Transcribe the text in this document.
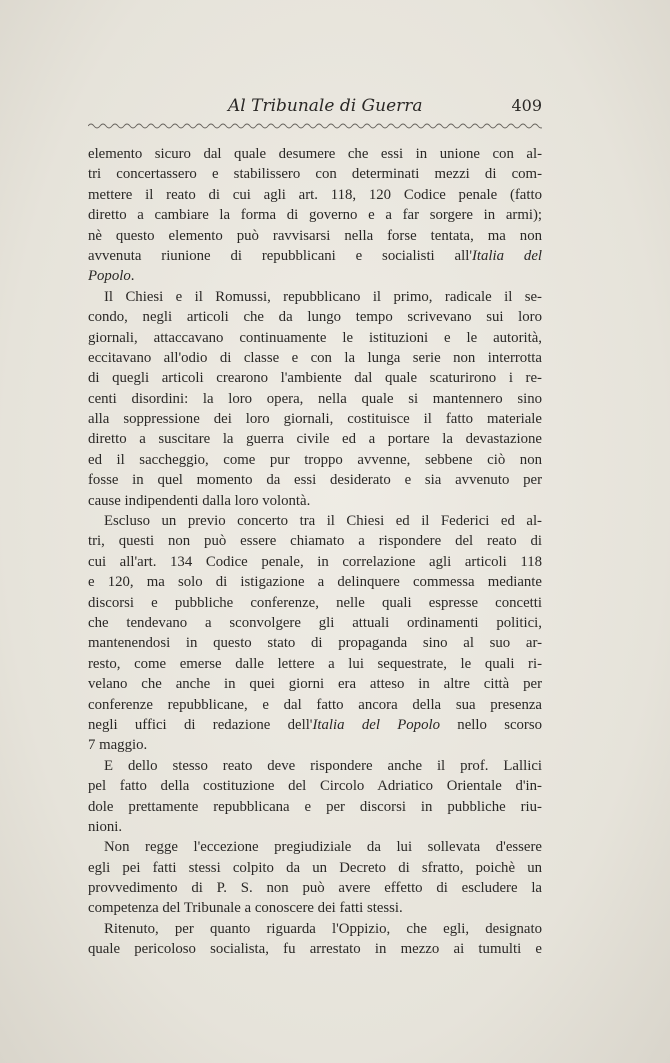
Al Tribunale di Guerra	409
elemento sicuro dal quale desumere che essi in unione con al-
tri concertassero e stabilissero con determinati mezzi di com-
mettere il reato di cui agli art. 118, 120 Codice penale (fatto
diretto a cambiare la forma di governo e a far sorgere in armi);
nè questo elemento può ravvisarsi nella forse tentata, ma non
avvenuta riunione di repubblicani e socialisti all'Italia del
Popolo.
Il Chiesi e il Romussi, repubblicano il primo, radicale il se-
condo, negli articoli che da lungo tempo scrivevano sui loro
giornali, attaccavano continuamente le istituzioni e le autorità,
eccitavano all'odio di classe e con la lunga serie non interrotta
di quegli articoli crearono l'ambiente dal quale scaturirono i re-
centi disordini: la loro opera, nella quale si mantennero sino
alla soppressione dei loro giornali, costituisce il fatto materiale
diretto a suscitare la guerra civile ed a portare la devastazione
ed il saccheggio, come pur troppo avvenne, sebbene ciò non
fosse in quel momento da essi desiderato e sia avvenuto per
cause indipendenti dalla loro volontà.
Escluso un previo concerto tra il Chiesi ed il Federici ed al-
tri, questi non può essere chiamato a rispondere del reato di
cui all'art. 134 Codice penale, in correlazione agli articoli 118
e 120, ma solo di istigazione a delinquere commessa mediante
discorsi e pubbliche conferenze, nelle quali espresse concetti
che tendevano a sconvolgere gli attuali ordinamenti politici,
mantenendosi in questo stato di propaganda sino al suo ar-
resto, come emerse dalle lettere a lui sequestrate, le quali ri-
velano che anche in quei giorni era atteso in altre città per
conferenze repubblicane, e dal fatto ancora della sua presenza
negli uffici di redazione dell'Italia del Popolo nello scorso
7 maggio.
E dello stesso reato deve rispondere anche il prof. Lallici
pel fatto della costituzione del Circolo Adriatico Orientale d'in-
dole prettamente repubblicana e per discorsi in pubbliche riu-
nioni.
Non regge l'eccezione pregiudiziale da lui sollevata d'essere
egli pei fatti stessi colpito da un Decreto di sfratto, poichè un
provvedimento di P. S. non può avere effetto di escludere la
competenza del Tribunale a conoscere dei fatti stessi.
Ritenuto, per quanto riguarda l'Oppizio, che egli, designato
quale pericoloso socialista, fu arrestato in mezzo ai tumulti e
